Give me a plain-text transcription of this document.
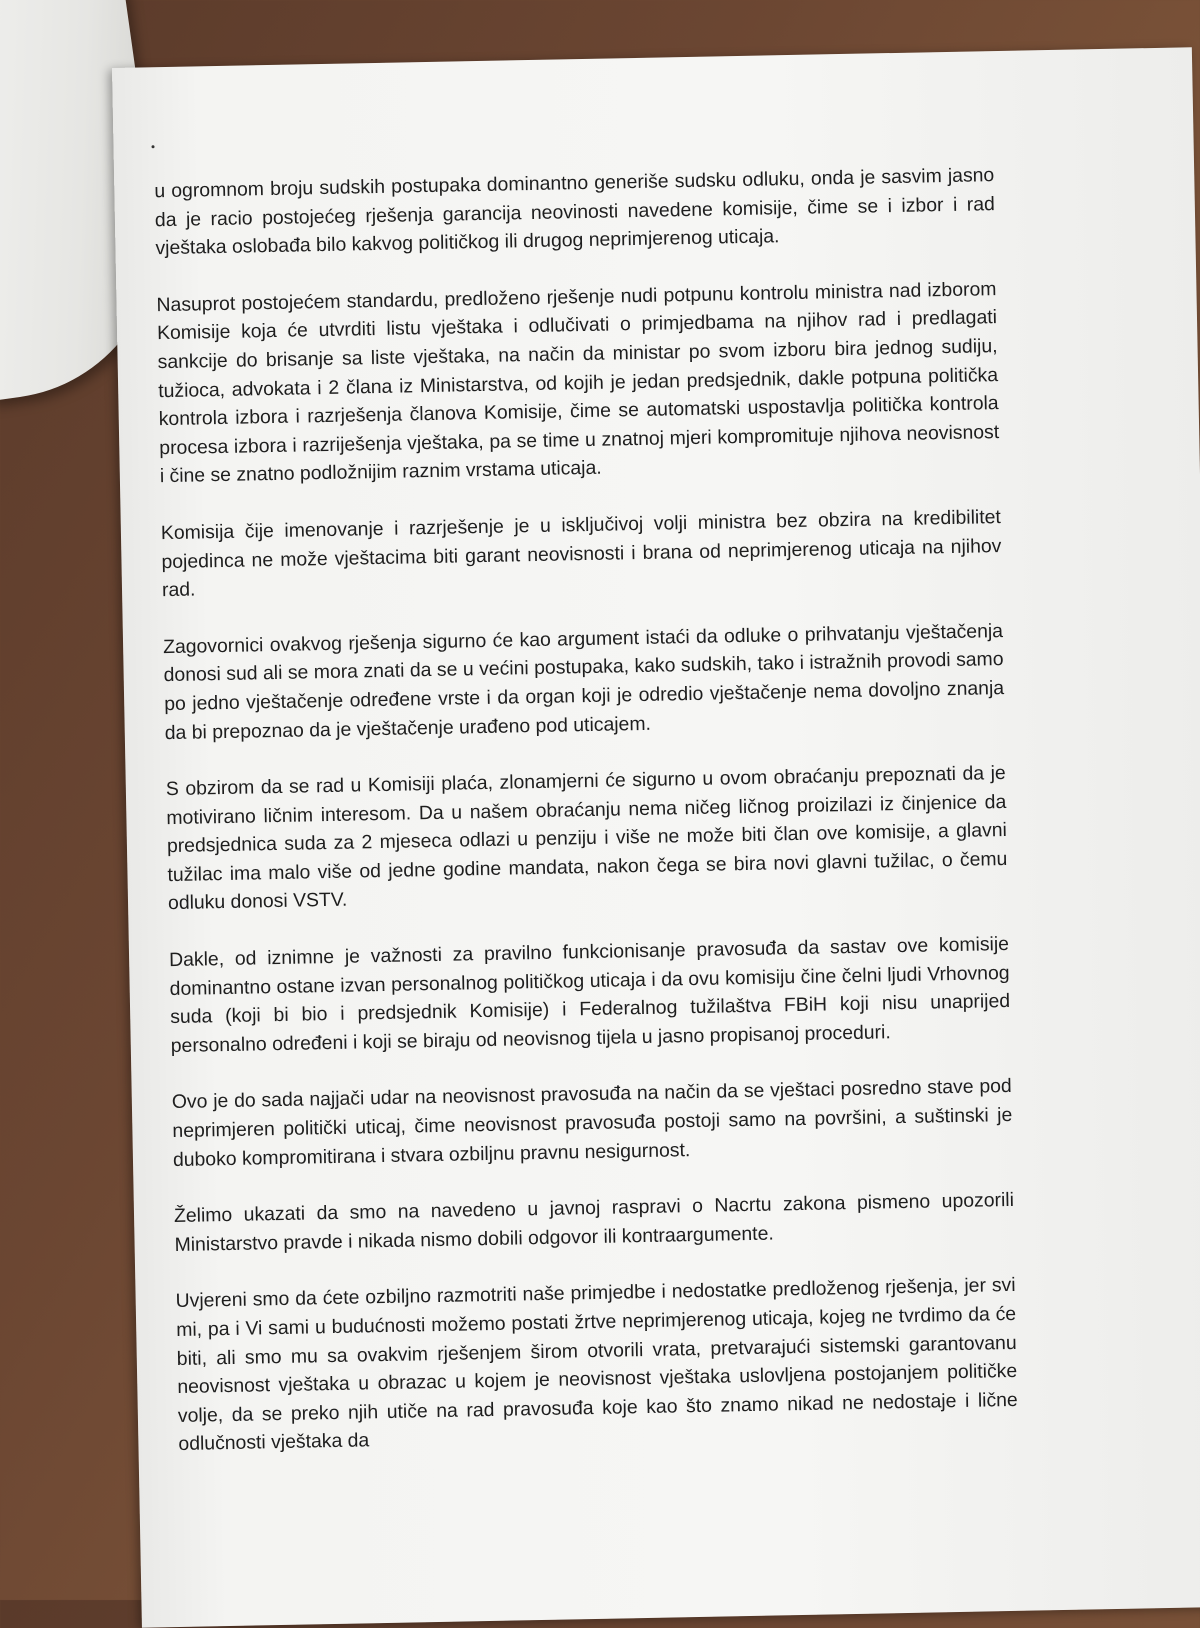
u ogromnom broju sudskih postupaka dominantno generiše sudsku odluku, onda je sasvim jasno da je racio postojećeg rješenja garancija neovinosti navedene komisije, čime se i izbor i rad vještaka oslobađa bilo kakvog političkog ili drugog neprimjerenog uticaja.

Nasuprot postojećem standardu, predloženo rješenje nudi potpunu kontrolu ministra nad izborom Komisije koja će utvrditi listu vještaka i odlučivati o primjedbama na njihov rad i predlagati sankcije do brisanje sa liste vještaka, na način da ministar po svom izboru bira jednog sudiju, tužioca, advokata i 2 člana iz Ministarstva, od kojih je jedan predsjednik, dakle potpuna politička kontrola izbora i razrješenja članova Komisije, čime se automatski uspostavlja politička kontrola procesa izbora i razriješenja vještaka, pa se time u znatnoj mjeri kompromituje njihova neovisnost i čine se znatno podložnijim raznim vrstama uticaja.

Komisija čije imenovanje i razrješenje je u isključivoj volji ministra bez obzira na kredibilitet pojedinca ne može vještacima biti garant neovisnosti i brana od neprimjerenog uticaja na njihov rad.

Zagovornici ovakvog rješenja sigurno će kao argument istaći da odluke o prihvatanju vještačenja donosi sud ali se mora znati da se u većini postupaka, kako sudskih, tako i istražnih provodi samo po jedno vještačenje određene vrste i da organ koji je odredio vještačenje nema dovoljno znanja da bi prepoznao da je vještačenje urađeno pod uticajem.

S obzirom da se rad u Komisiji plaća, zlonamjerni će sigurno u ovom obraćanju prepoznati da je motivirano ličnim interesom. Da u našem obraćanju nema ničeg ličnog proizilazi iz činjenice da predsjednica suda za 2 mjeseca odlazi u penziju i više ne može biti član ove komisije, a glavni tužilac ima malo više od jedne godine mandata, nakon čega se bira novi glavni tužilac, o čemu odluku donosi VSTV.

Dakle, od iznimne je važnosti za pravilno funkcionisanje pravosuđa da sastav ove komisije dominantno ostane izvan personalnog političkog uticaja i da ovu komisiju čine čelni ljudi Vrhovnog suda (koji bi bio i predsjednik Komisije) i Federalnog tužilaštva FBiH koji nisu unaprijed personalno određeni i koji se biraju od neovisnog tijela u jasno propisanoj proceduri.

Ovo je do sada najjači udar na neovisnost pravosuđa na način da se vještaci posredno stave pod neprimjeren politički uticaj, čime neovisnost pravosuđa postoji samo na površini, a suštinski je duboko kompromitirana i stvara ozbiljnu pravnu nesigurnost.

Želimo ukazati da smo na navedeno u javnoj raspravi o Nacrtu zakona pismeno upozorili Ministarstvo pravde i nikada nismo dobili odgovor ili kontraargumente.

Uvjereni smo da ćete ozbiljno razmotriti naše primjedbe i nedostatke predloženog rješenja, jer svi mi, pa i Vi sami u budućnosti možemo postati žrtve neprimjerenog uticaja, kojeg ne tvrdimo da će biti, ali smo mu sa ovakvim rješenjem širom otvorili vrata, pretvarajući sistemski garantovanu neovisnost vještaka u obrazac u kojem je neovisnost vještaka uslovljena postojanjem političke volje, da se preko njih utiče na rad pravosuđa koje kao što znamo nikad ne nedostaje i lične odlučnosti vještaka da
